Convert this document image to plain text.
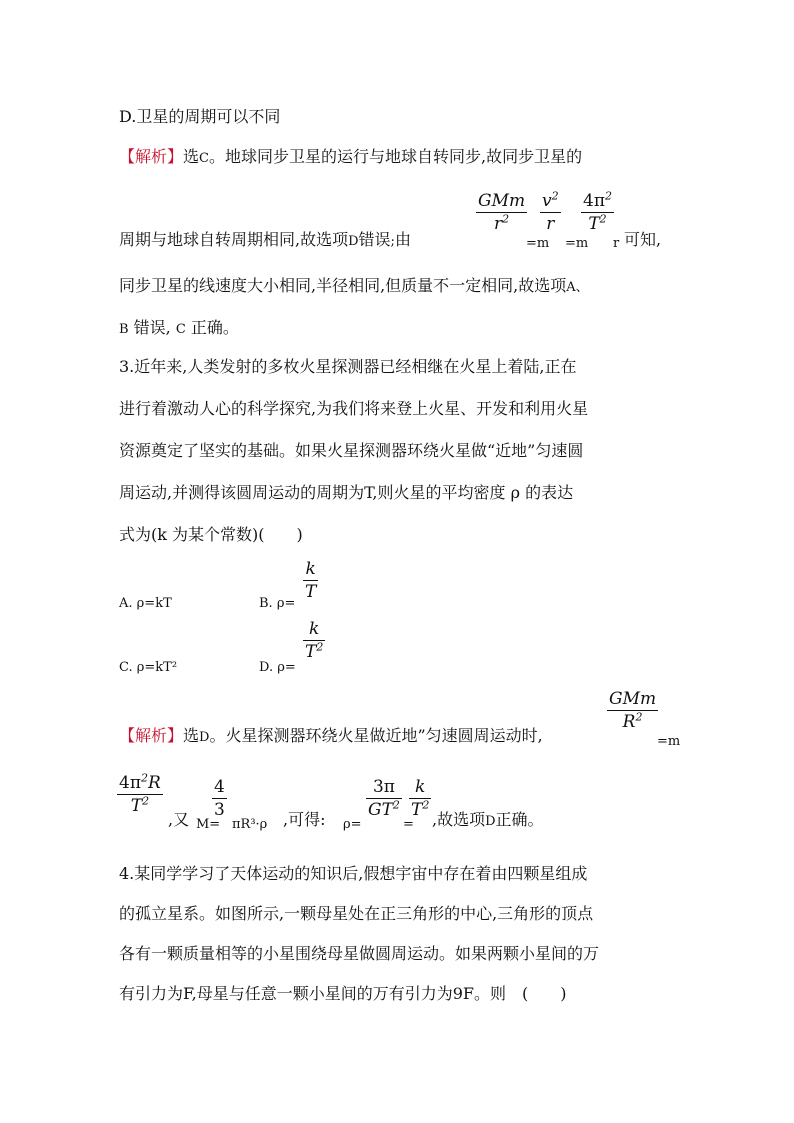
D.卫星的周期可以不同
【解析】选C。地球同步卫星的运行与地球自转同步,故同步卫星的
GMm
$r^2$
$v^2$
r
$4\pi^2$
$T^2$
周期与地球自转周期相同,故选项D错误;由	=m =m r 可知,
同步卫星的线速度大小相同,半径相同,但质量不一定相同,故选项A、
B 错误, C 正确。
3.近年来,人类发射的多枚火星探测器已经相继在火星上着陆,正在
进行着激动人心的科学探究,为我们将来登上火星、开发和利用火星
资源奠定了坚实的基础。如果火星探测器环绕火星做“近地”匀速圆
周运动,并测得该圆周运动的周期为T,则火星的平均密度 ρ 的表达
式为(k 为某个常数)(　　)
A. ρ=kT	B. ρ=
k
T
C. ρ=kT²	D. ρ=
k
$T^2$
GMm
$R^2$
【解析】选D。火星探测器环绕火星做近地”匀速圆周运动时,	=m
$4\pi^2R$
$T^2$
,又 M=
4
3
πR³·ρ ,可得: ρ=
3π
$GT^2$
=
k
$T^2$
,故选项D正确。
4.某同学学习了天体运动的知识后,假想宇宙中存在着由四颗星组成
的孤立星系。如图所示,一颗母星处在正三角形的中心,三角形的顶点
各有一颗质量相等的小星围绕母星做圆周运动。如果两颗小星间的万
有引力为F,母星与任意一颗小星间的万有引力为9F。则　(　　)
